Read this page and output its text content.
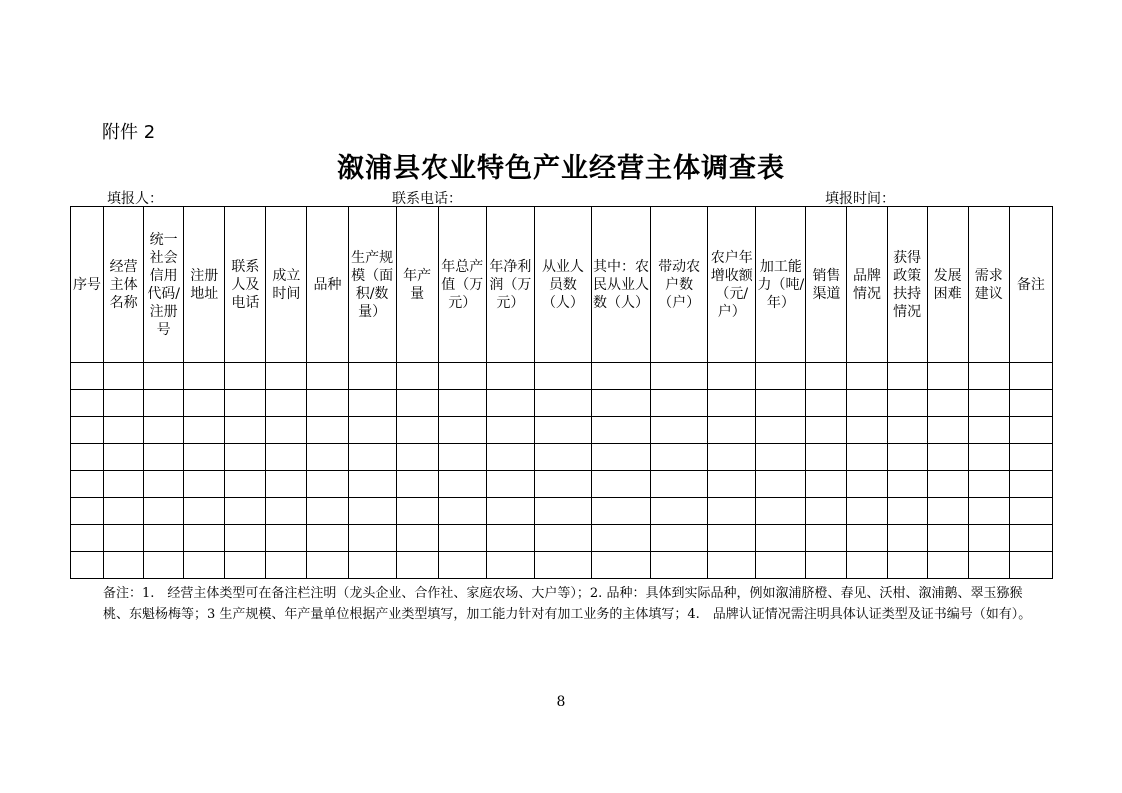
附件 2
溆浦县农业特色产业经营主体调查表
填报人：	联系电话：	填报时间：
序号	经营主体名称	统一社会信用代码/注册号	注册地址	联系人及电话	成立时间	品种	生产规模（面积/数量）	年产量	年总产值（万元）	年净利润（万元）	从业人员数（人）	其中：农民从业人数（人）	带动农户数（户）	农户年增收额（元/户）	加工能力（吨/年）	销售渠道	品牌情况	获得政策扶持情况	发展困难	需求建议	备注

备注：1.　经营主体类型可在备注栏注明（龙头企业、合作社、家庭农场、大户等）；2. 品种：具体到实际品种，例如溆浦脐橙、春见、沃柑、溆浦鹅、翠玉猕猴桃、东魁杨梅等；3 生产规模、年产量单位根据产业类型填写，加工能力针对有加工业务的主体填写；4.　品牌认证情况需注明具体认证类型及证书编号（如有）。
8
